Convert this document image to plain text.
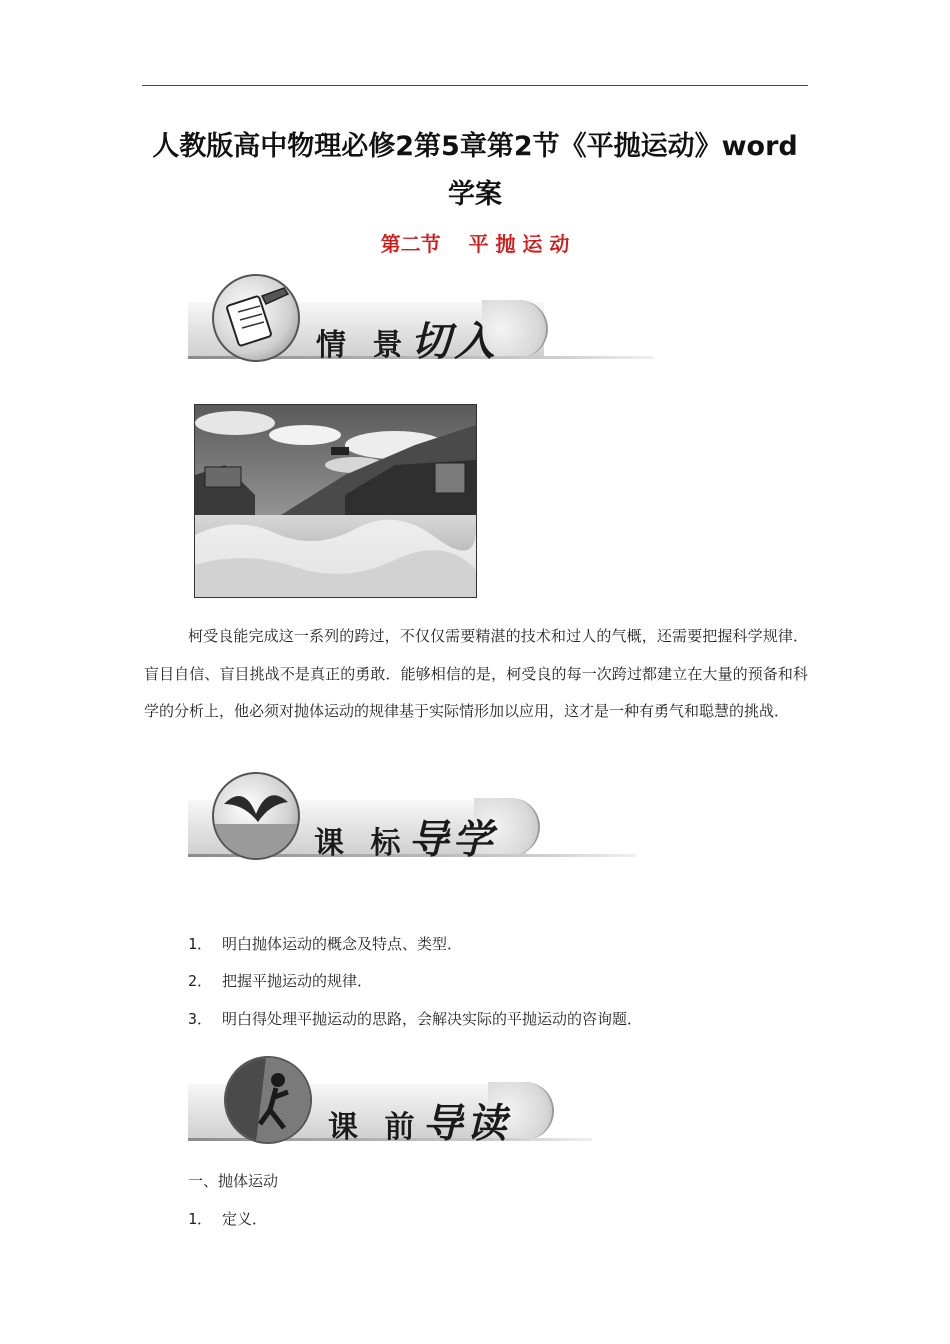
人教版高中物理必修2第5章第2节《平抛运动》word
学案
第二节    平 抛 运 动
情 景切入
柯受良能完成这一系列的跨过，不仅仅需要精湛的技术和过人的气概，还需要把握科学规律．盲目自信、盲目挑战不是真正的勇敢．能够相信的是，柯受良的每一次跨过都建立在大量的预备和科学的分析上，他必须对抛体运动的规律基于实际情形加以应用，这才是一种有勇气和聪慧的挑战．
课 标导学
1． 明白抛体运动的概念及特点、类型．
2． 把握平抛运动的规律．
3． 明白得处理平抛运动的思路，会解决实际的平抛运动的咨询题．
课 前导读
一、抛体运动
1． 定义．
